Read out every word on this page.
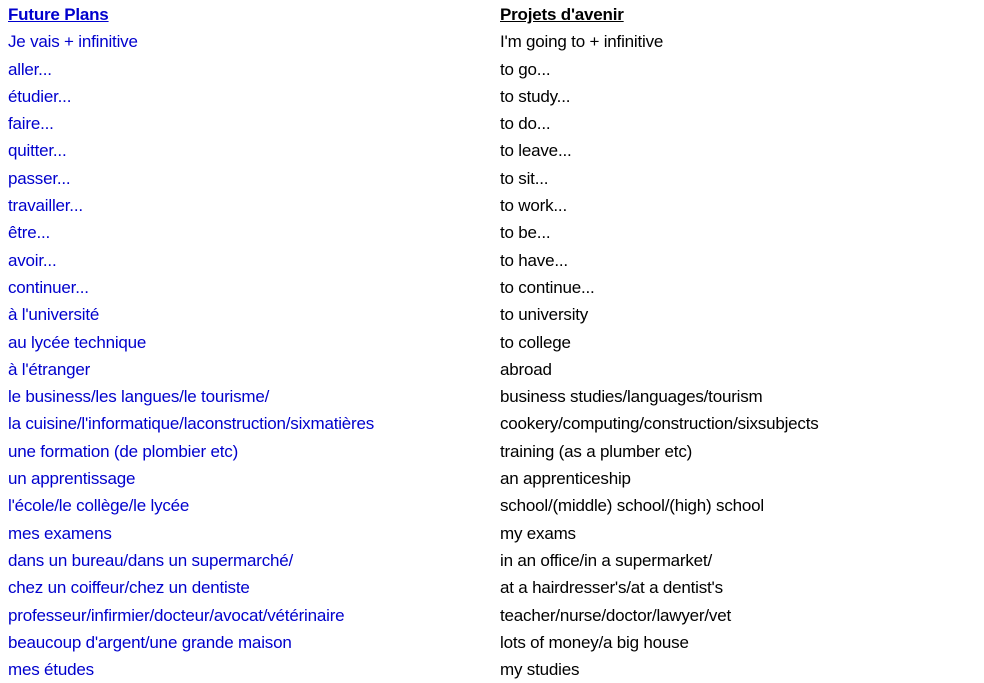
Future Plans	Projets d'avenir
Je vais + infinitive	I'm going to + infinitive
aller...	to go...
étudier...	to study...
faire...	to do...
quitter...	to leave...
passer...	to sit...
travailler...	to work...
être...	to be...
avoir...	to have...
continuer...	to continue...
à l'université	to university
au lycée technique	to college
à l'étranger	abroad
le business/les langues/le tourisme/	business studies/languages/tourism
la cuisine/l'informatique/laconstruction/sixmatières	cookery/computing/construction/sixsubjects
une formation (de plombier etc)	training (as a plumber etc)
un apprentissage	an apprenticeship
l'école/le collège/le lycée	school/(middle) school/(high) school
mes examens	my exams
dans un bureau/dans un supermarché/	in an office/in a supermarket/
chez un coiffeur/chez un dentiste	at a hairdresser's/at a dentist's
professeur/infirmier/docteur/avocat/vétérinaire	teacher/nurse/doctor/lawyer/vet
beaucoup d'argent/une grande maison	lots of money/a big house
mes études	my studies
